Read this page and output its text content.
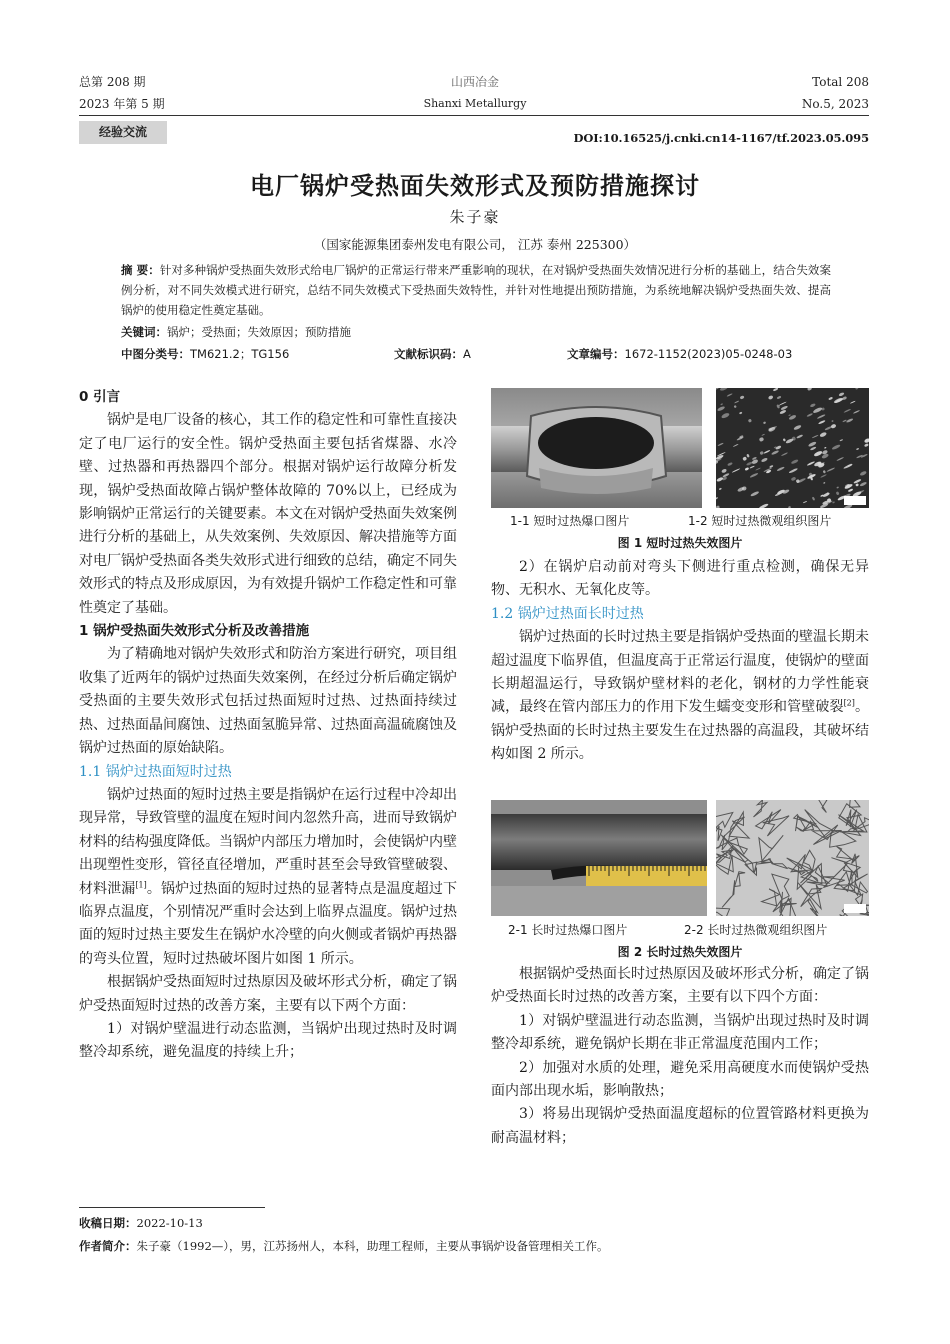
总第 208 期
2023 年第 5 期
山西冶金
Shanxi Metallurgy
Total 208
No.5, 2023
经验交流	DOI:10.16525/j.cnki.cn14-1167/tf.2023.05.095
电厂锅炉受热面失效形式及预防措施探讨
朱子豪
（国家能源集团泰州发电有限公司， 江苏 泰州 225300）
摘 要：针对多种锅炉受热面失效形式给电厂锅炉的正常运行带来严重影响的现状，在对锅炉受热面失效情况进行分析的基础上，结合失效案例分析，对不同失效模式进行研究，总结不同失效模式下受热面失效特性，并针对性地提出预防措施，为系统地解决锅炉受热面失效、提高锅炉的使用稳定性奠定基础。
关键词：锅炉；受热面；失效原因；预防措施
中图分类号：TM621.2；TG156	文献标识码：A	文章编号：1672-1152(2023)05-0248-03

0 引言

锅炉是电厂设备的核心，其工作的稳定性和可靠性直接决定了电厂运行的安全性。锅炉受热面主要包括省煤器、水冷壁、过热器和再热器四个部分。根据对锅炉运行故障分析发现，锅炉受热面故障占锅炉整体故障的 70%以上，已经成为影响锅炉正常运行的关键要素。本文在对锅炉受热面失效案例进行分析的基础上，从失效案例、失效原因、解决措施等方面对电厂锅炉受热面各类失效形式进行细致的总结，确定不同失效形式的特点及形成原因，为有效提升锅炉工作稳定性和可靠性奠定了基础。

1 锅炉受热面失效形式分析及改善措施

为了精确地对锅炉失效形式和防治方案进行研究，项目组收集了近两年的锅炉过热面失效案例，在经过分析后确定锅炉受热面的主要失效形式包括过热面短时过热、过热面持续过热、过热面晶间腐蚀、过热面氢脆异常、过热面高温硫腐蚀及锅炉过热面的原始缺陷。

1.1 锅炉过热面短时过热

锅炉过热面的短时过热主要是指锅炉在运行过程中冷却出现异常，导致管壁的温度在短时间内忽然升高，进而导致锅炉材料的结构强度降低。当锅炉内部压力增加时，会使锅炉内壁出现塑性变形，管径直径增加，严重时甚至会导致管壁破裂、材料泄漏[1]。锅炉过热面的短时过热的显著特点是温度超过下临界点温度，个别情况严重时会达到上临界点温度。锅炉过热面的短时过热主要发生在锅炉水冷壁的向火侧或者锅炉再热器的弯头位置，短时过热破坏图片如图 1 所示。

根据锅炉受热面短时过热原因及破坏形式分析，确定了锅炉受热面短时过热的改善方案，主要有以下两个方面：

1）对锅炉壁温进行动态监测，当锅炉出现过热时及时调整冷却系统，避免温度的持续上升；

1-1 短时过热爆口图片	1-2 短时过热微观组织图片
图 1 短时过热失效图片

2）在锅炉启动前对弯头下侧进行重点检测，确保无异物、无积水、无氧化皮等。

1.2 锅炉过热面长时过热

锅炉过热面的长时过热主要是指锅炉受热面的壁温长期未超过温度下临界值，但温度高于正常运行温度，使锅炉的壁面长期超温运行，导致锅炉壁材料的老化，钢材的力学性能衰减，最终在管内部压力的作用下发生蠕变变形和管壁破裂[2]。锅炉受热面的长时过热主要发生在过热器的高温段，其破坏结构如图 2 所示。

2-1 长时过热爆口图片	2-2 长时过热微观组织图片
图 2 长时过热失效图片

根据锅炉受热面长时过热原因及破坏形式分析，确定了锅炉受热面长时过热的改善方案，主要有以下四个方面：

1）对锅炉壁温进行动态监测，当锅炉出现过热时及时调整冷却系统，避免锅炉长期在非正常温度范围内工作；

2）加强对水质的处理，避免采用高硬度水而使锅炉受热面内部出现水垢，影响散热；

3）将易出现锅炉受热面温度超标的位置管路材料更换为耐高温材料；

收稿日期：2022-10-13
作者简介：朱子豪（1992—），男，江苏扬州人，本科，助理工程师，主要从事锅炉设备管理相关工作。
